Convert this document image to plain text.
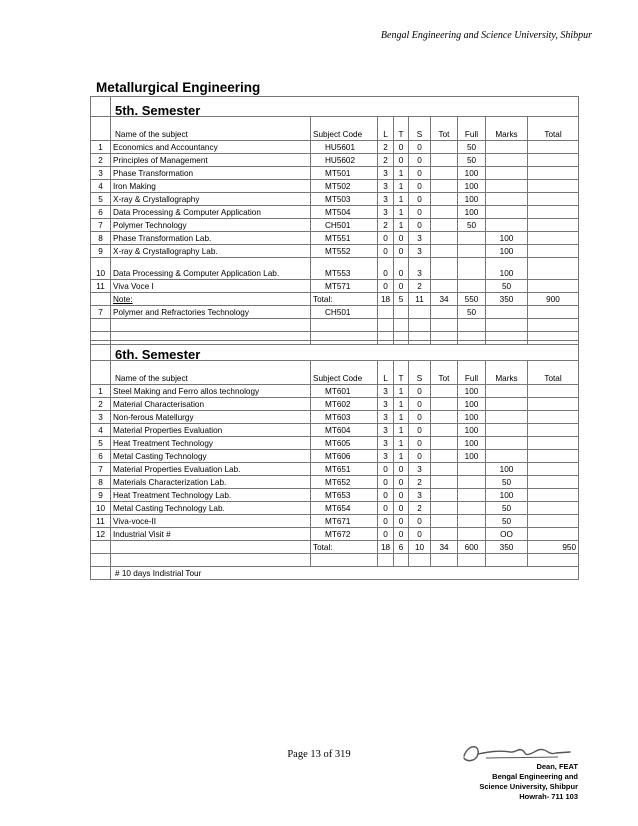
Bengal Engineering and Science University, Shibpur
Metallurgical Engineering
	5th. Semester								
	Name of the subject	Subject Code	L	T	S	Tot	Full	Marks	Total
1	Economics and Accountancy	HU5601	2	0	0		50		
2	Principles of Management	HU5602	2	0	0		50		
3	Phase Transformation	MT501	3	1	0		100		
4	Iron Making	MT502	3	1	0		100		
5	X-ray & Crystallography	MT503	3	1	0		100		
6	Data Processing & Computer Application	MT504	3	1	0		100		
7	Polymer Technology	CH501	2	1	0		50		
8	Phase Transformation Lab.	MT551	0	0	3			100	
9	X-ray & Crystallography Lab.	MT552	0	0	3			100	
10	Data Processing & Computer Application Lab.	MT553	0	0	3			100	
11	Viva Voce I	MT571	0	0	2			50	
	Note:	Total:	18	5	11	34	550	350	900
7	Polymer and Refractories Technology	CH501					50		

	6th. Semester								
	Name of the subject	Subject Code	L	T	S	Tot	Full	Marks	Total
1	Steel Making and Ferro allos technology	MT601	3	1	0		100		
2	Material Characterisation	MT602	3	1	0		100		
3	Non-ferous Matellurgy	MT603	3	1	0		100		
4	Material Properties Evaluation	MT604	3	1	0		100		
5	Heat Treatment Technology	MT605	3	1	0		100		
6	Metal Casting Technology	MT606	3	1	0		100		
7	Material Properties Evaluation Lab.	MT651	0	0	3			100	
8	Materials Characterization Lab.	MT652	0	0	2			50	
9	Heat Treatment Technology Lab.	MT653	0	0	3			100	
10	Metal Casting Technology Lab.	MT654	0	0	2			50	
11	Viva-voce-II	MT671	0	0	0			50	
12	Industrial Visit #	MT672	0	0	0			OO	
		Total:	18	6	10	34	600	350	950

	# 10 days Indistrial Tour								
Page 13 of 319
Dean, FEAT
Bengal Engineering and
Science University, Shibpur
Howrah- 711 103
